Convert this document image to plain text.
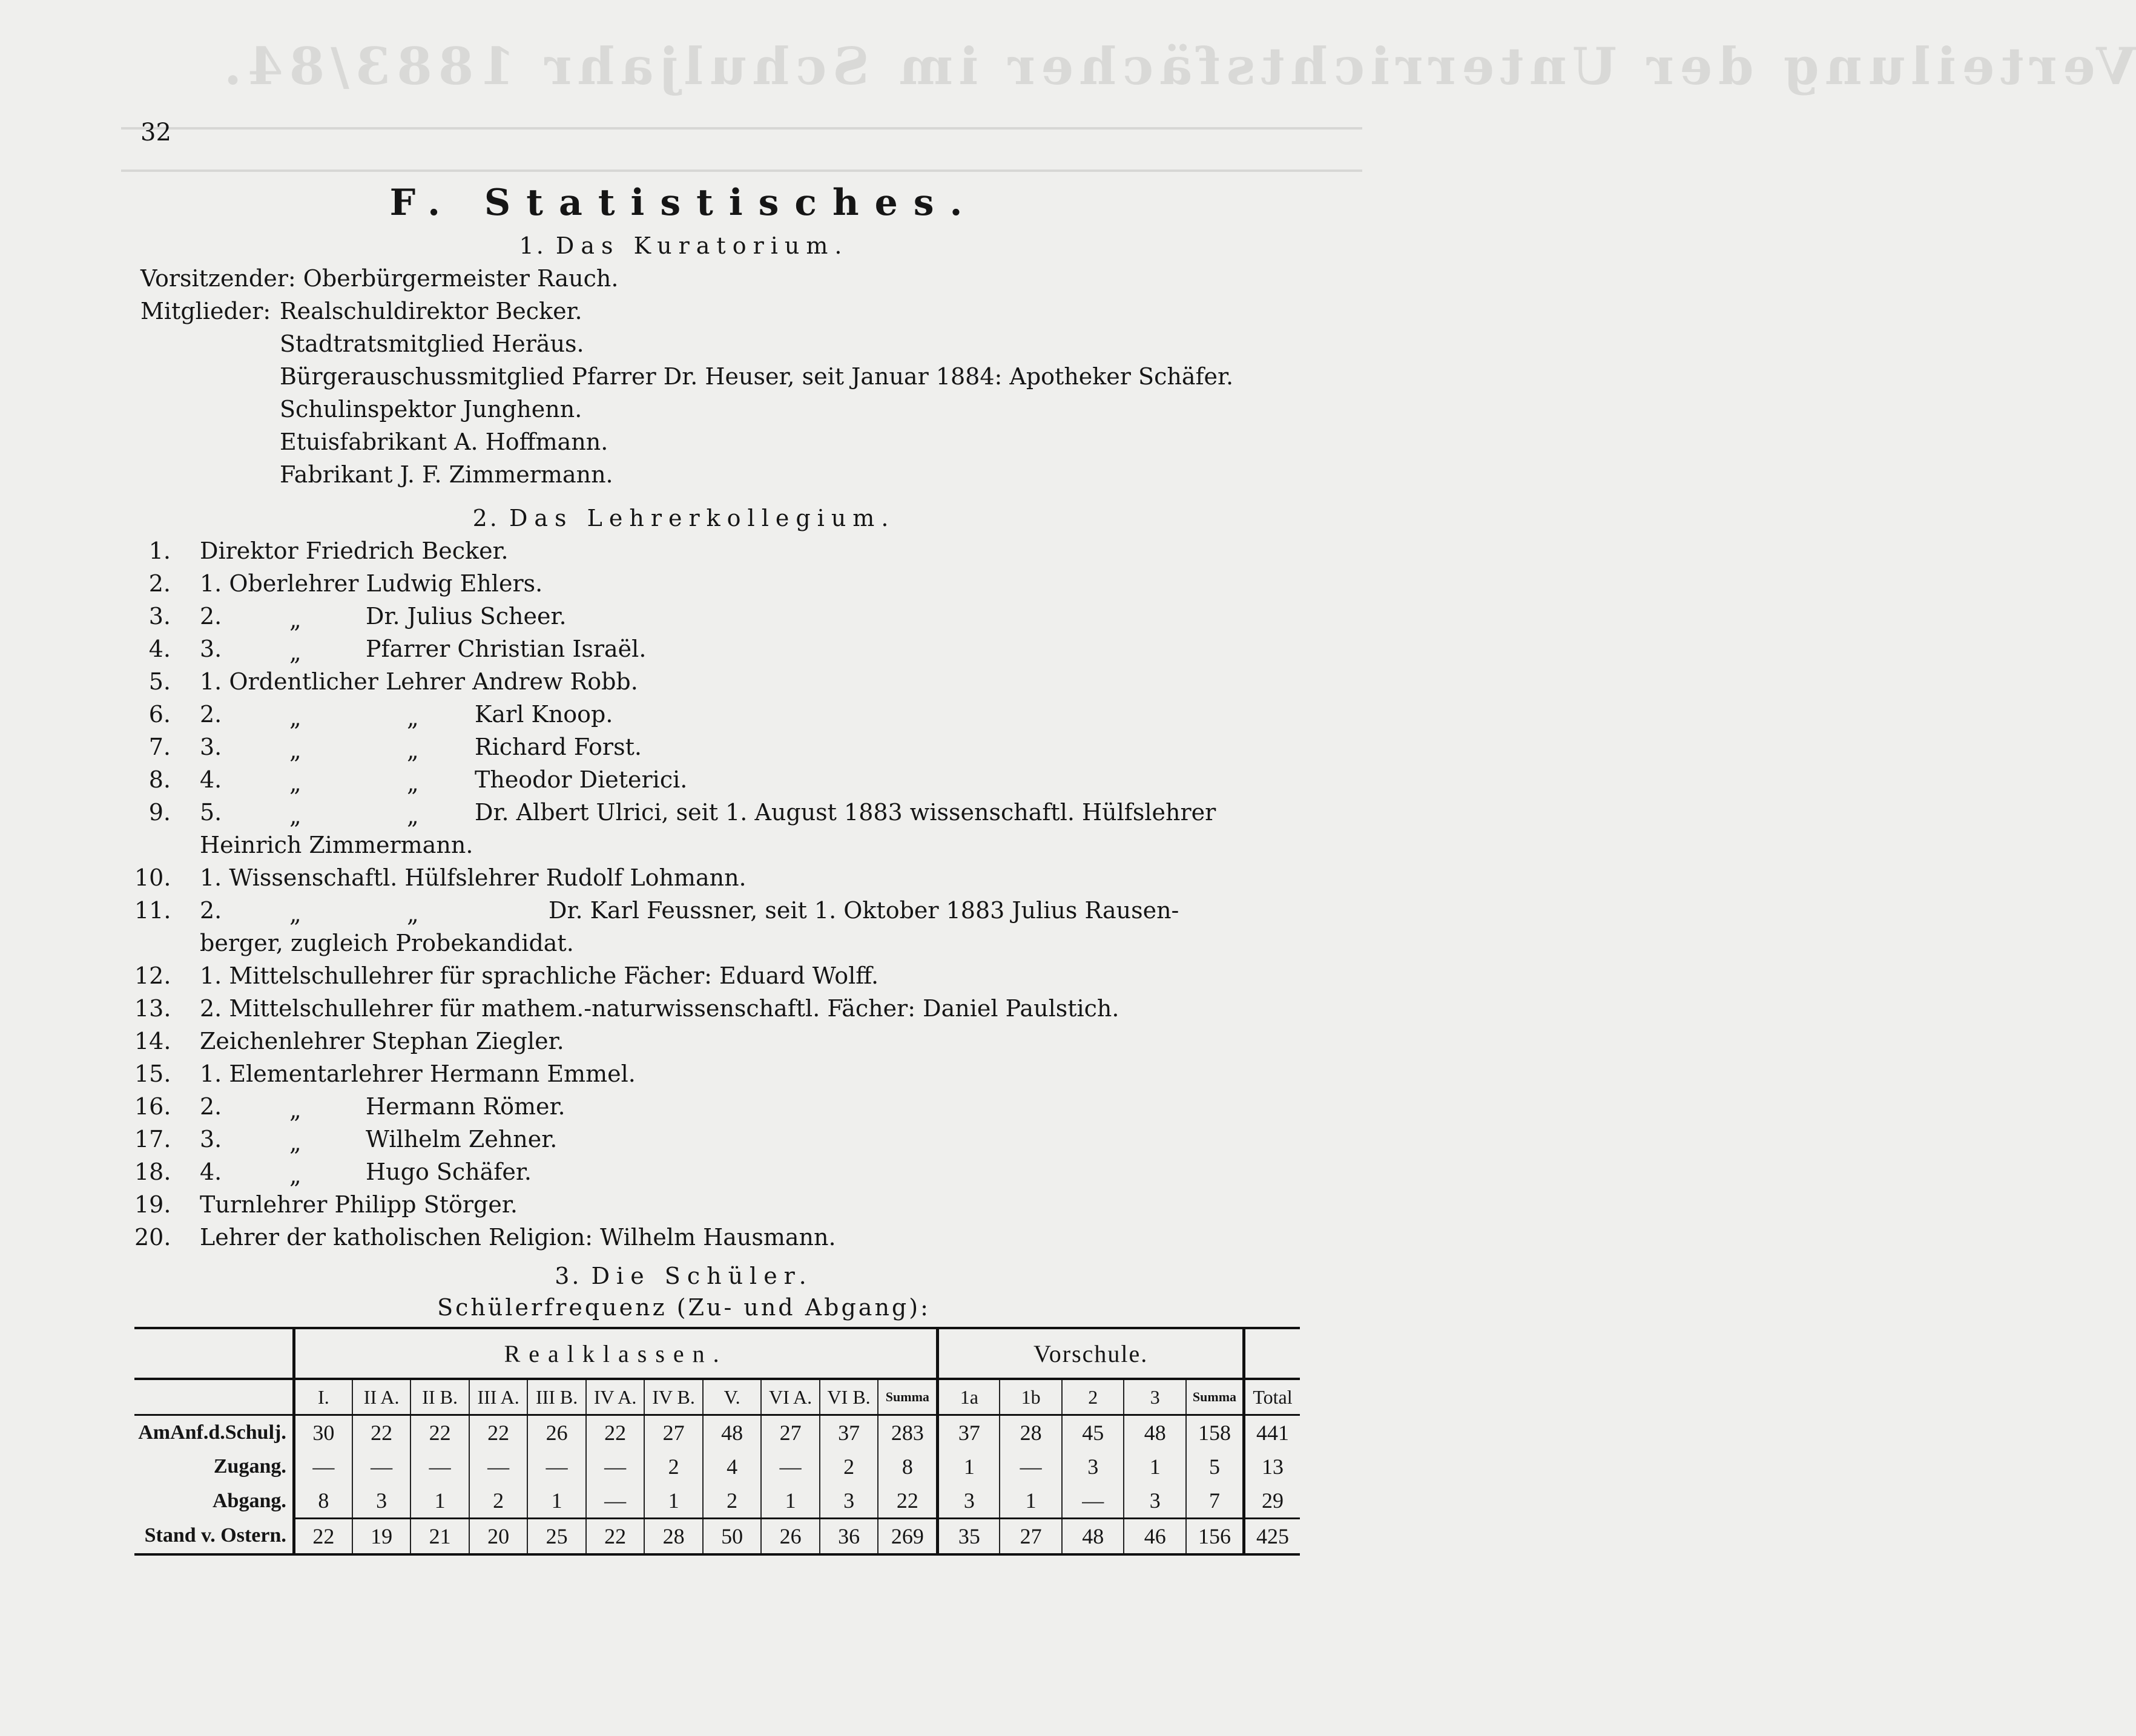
Verteilung der Unterrichtsfächer im Schuljahr 1883/84.
32
F. Statistisches.
1. Das Kuratorium.
Vorsitzender: Oberbürgermeister Rauch.
Mitglieder: Realschuldirektor Becker.
Stadtratsmitglied Heräus.
Bürgerauschussmitglied Pfarrer Dr. Heuser, seit Januar 1884: Apotheker Schäfer.
Schulinspektor Junghenn.
Etuisfabrikant A. Hoffmann.
Fabrikant J. F. Zimmermann.
2. Das Lehrerkollegium.
1. Direktor Friedrich Becker.
2. 1. Oberlehrer Ludwig Ehlers.
3. 2.	„	Dr. Julius Scheer.
4. 3.	„	Pfarrer Christian Israël.
5. 1. Ordentlicher Lehrer Andrew Robb.
6. 2.	„	„ Karl Knoop.
7. 3.	„	„ Richard Forst.
8. 4.	„	„ Theodor Dieterici.
9. 5.	„	„ Dr. Albert Ulrici, seit 1. August 1883 wissenschaftl. Hülfslehrer
Heinrich Zimmermann.
10. 1. Wissenschaftl. Hülfslehrer Rudolf Lohmann.
11. 2.	„	„	Dr. Karl Feussner, seit 1. Oktober 1883 Julius Rausen-
berger, zugleich Probekandidat.
12. 1. Mittelschullehrer für sprachliche Fächer: Eduard Wolff.
13. 2. Mittelschullehrer für mathem.-naturwissenschaftl. Fächer: Daniel Paulstich.
14. Zeichenlehrer Stephan Ziegler.
15. 1. Elementarlehrer Hermann Emmel.
16. 2.	„	Hermann Römer.
17. 3.	„	Wilhelm Zehner.
18. 4.	„	Hugo Schäfer.
19. Turnlehrer Philipp Störger.
20. Lehrer der katholischen Religion: Wilhelm Hausmann.
3. Die Schüler.
Schülerfrequenz (Zu- und Abgang):
	Realklassen.											Vorschule.					
	I.	II A.	II B.	III A.	III B.	IV A.	IV B.	V.	VI A.	VI B.	Summa	1a	1b	2	3	Summa	Total
AmAnf.d.Schulj.	30	22	22	22	26	22	27	48	27	37	283	37	28	45	48	158	441
Zugang.	—	—	—	—	—	—	2	4	—	2	8	1	—	3	1	5	13
Abgang.	8	3	1	2	1	—	1	2	1	3	22	3	1	—	3	7	29
Stand v. Ostern.	22	19	21	20	25	22	28	50	26	36	269	35	27	48	46	156	425
